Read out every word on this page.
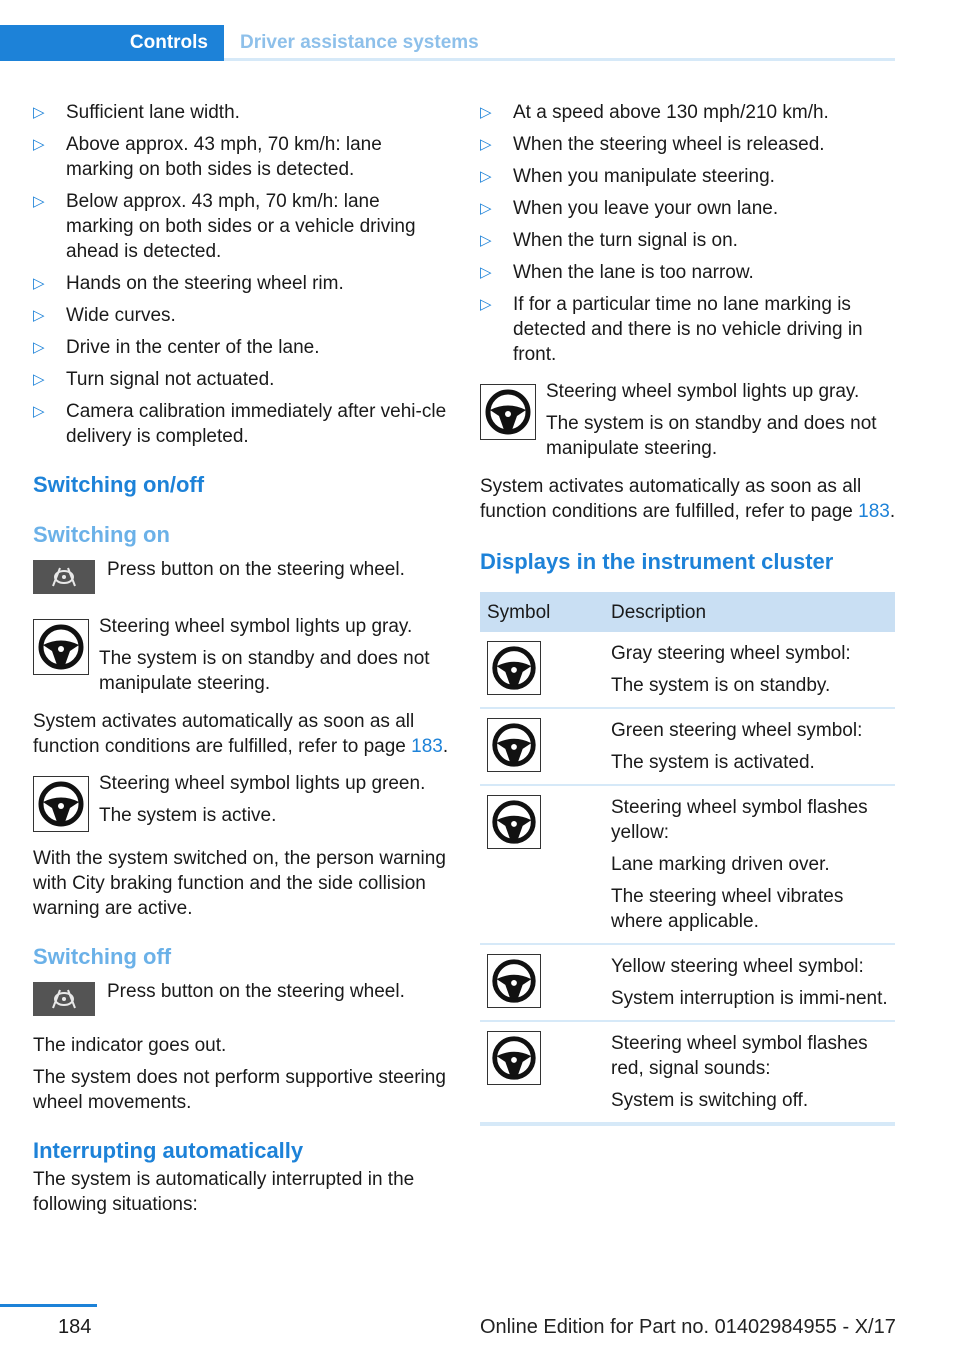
Controls	Driver assistance systems
▷ Sufficient lane width.
▷ Above approx. 43 mph, 70 km/h: lane marking on both sides is detected.
▷ Below approx. 43 mph, 70 km/h: lane marking on both sides or a vehicle driving ahead is detected.
▷ Hands on the steering wheel rim.
▷ Wide curves.
▷ Drive in the center of the lane.
▷ Turn signal not actuated.
▷ Camera calibration immediately after vehi‐cle delivery is completed.
Switching on/off
Switching on

Press button on the steering wheel.

Steering wheel symbol lights up gray.

The system is on standby and does not manipulate steering.

System activates automatically as soon as all function conditions are fulfilled, refer to page 183.

Steering wheel symbol lights up green.

The system is active.

With the system switched on, the person warning with City braking function and the side collision warning are active.

Switching off

Press button on the steering wheel.

The indicator goes out.

The system does not perform supportive steering wheel movements.

Interrupting automatically

The system is automatically interrupted in the following situations:

▷ At a speed above 130 mph/210 km/h.
▷ When the steering wheel is released.
▷ When you manipulate steering.
▷ When you leave your own lane.
▷ When the turn signal is on.
▷ When the lane is too narrow.
▷ If for a particular time no lane marking is detected and there is no vehicle driving in front.

Steering wheel symbol lights up gray.

The system is on standby and does not manipulate steering.

System activates automatically as soon as all function conditions are fulfilled, refer to page 183.

Displays in the instrument cluster
Symbol	Description

Gray steering wheel symbol:

The system is on standby.

Green steering wheel symbol:

The system is activated.

Steering wheel symbol flashes yellow:

Lane marking driven over.

The steering wheel vibrates where applicable.

Yellow steering wheel symbol:

System interruption is immi‐nent.

Steering wheel symbol flashes red, signal sounds:

System is switching off.

184	Online Edition for Part no. 01402984955 - X/17
